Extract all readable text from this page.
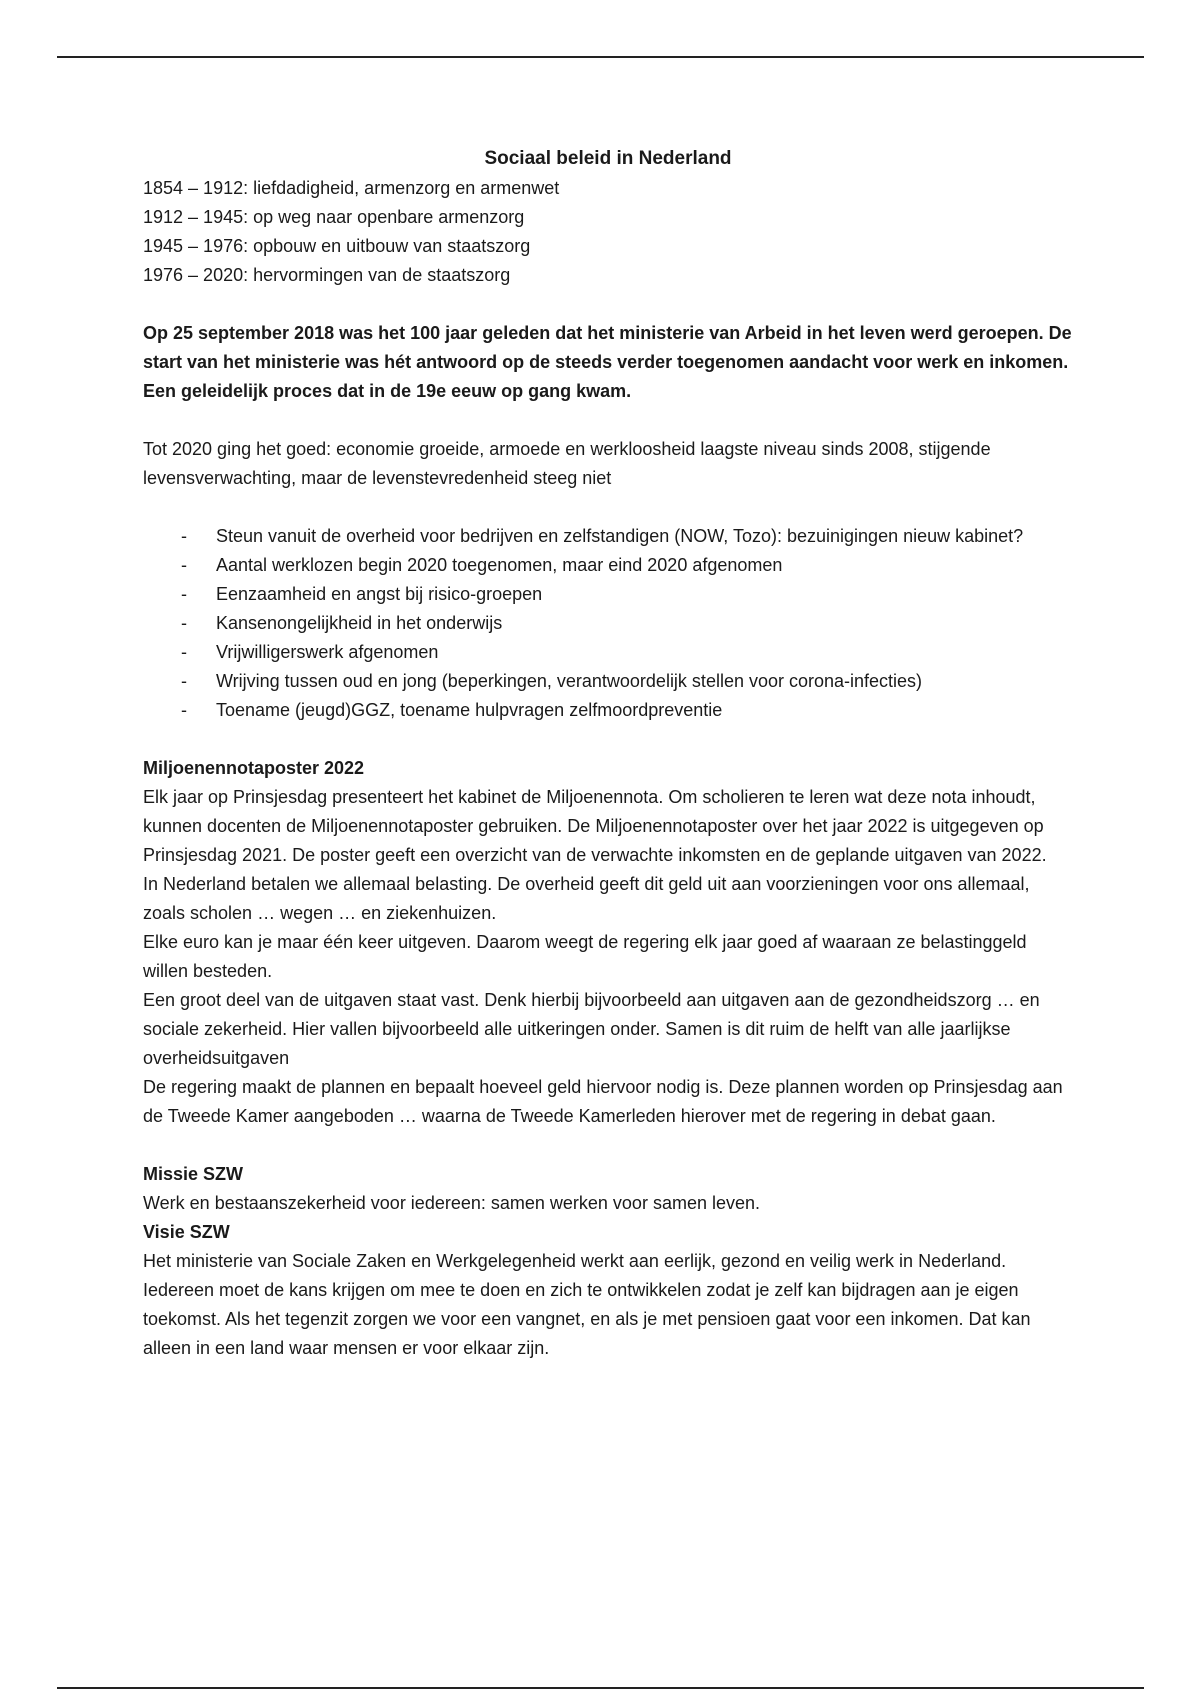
Sociaal beleid in Nederland

1854 – 1912: liefdadigheid, armenzorg en armenwet
1912 – 1945: op weg naar openbare armenzorg
1945 – 1976: opbouw en uitbouw van staatszorg
1976 – 2020: hervormingen van de staatszorg

Op 25 september 2018 was het 100 jaar geleden dat het ministerie van Arbeid in het leven werd geroepen. De start van het ministerie was hét antwoord op de steeds verder toegenomen aandacht voor werk en inkomen. Een geleidelijk proces dat in de 19e eeuw op gang kwam.

Tot 2020 ging het goed: economie groeide, armoede en werkloosheid laagste niveau sinds 2008, stijgende levensverwachting, maar de levenstevredenheid steeg niet

- Steun vanuit de overheid voor bedrijven en zelfstandigen (NOW, Tozo): bezuinigingen nieuw kabinet?
- Aantal werklozen begin 2020 toegenomen, maar eind 2020 afgenomen
- Eenzaamheid en angst bij risico-groepen
- Kansenongelijkheid in het onderwijs
- Vrijwilligerswerk afgenomen
- Wrijving tussen oud en jong (beperkingen, verantwoordelijk stellen voor corona-infecties)
- Toename (jeugd)GGZ, toename hulpvragen zelfmoordpreventie

Miljoenennotaposter 2022

Elk jaar op Prinsjesdag presenteert het kabinet de Miljoenennota. Om scholieren te leren wat deze nota inhoudt, kunnen docenten de Miljoenennotaposter gebruiken. De Miljoenennotaposter over het jaar 2022 is uitgegeven op Prinsjesdag 2021. De poster geeft een overzicht van de verwachte inkomsten en de geplande uitgaven van 2022.

In Nederland betalen we allemaal belasting. De overheid geeft dit geld uit aan voorzieningen voor ons allemaal, zoals scholen … wegen … en ziekenhuizen.

Elke euro kan je maar één keer uitgeven. Daarom weegt de regering elk jaar goed af waaraan ze belastinggeld willen besteden.

Een groot deel van de uitgaven staat vast. Denk hierbij bijvoorbeeld aan uitgaven aan de gezondheidszorg … en sociale zekerheid. Hier vallen bijvoorbeeld alle uitkeringen onder. Samen is dit ruim de helft van alle jaarlijkse overheidsuitgaven

De regering maakt de plannen en bepaalt hoeveel geld hiervoor nodig is. Deze plannen worden op Prinsjesdag aan de Tweede Kamer aangeboden … waarna de Tweede Kamerleden hierover met de regering in debat gaan.

Missie SZW

Werk en bestaanszekerheid voor iedereen: samen werken voor samen leven.

Visie SZW

Het ministerie van Sociale Zaken en Werkgelegenheid werkt aan eerlijk, gezond en veilig werk in Nederland. Iedereen moet de kans krijgen om mee te doen en zich te ontwikkelen zodat je zelf kan bijdragen aan je eigen toekomst. Als het tegenzit zorgen we voor een vangnet, en als je met pensioen gaat voor een inkomen. Dat kan alleen in een land waar mensen er voor elkaar zijn.
